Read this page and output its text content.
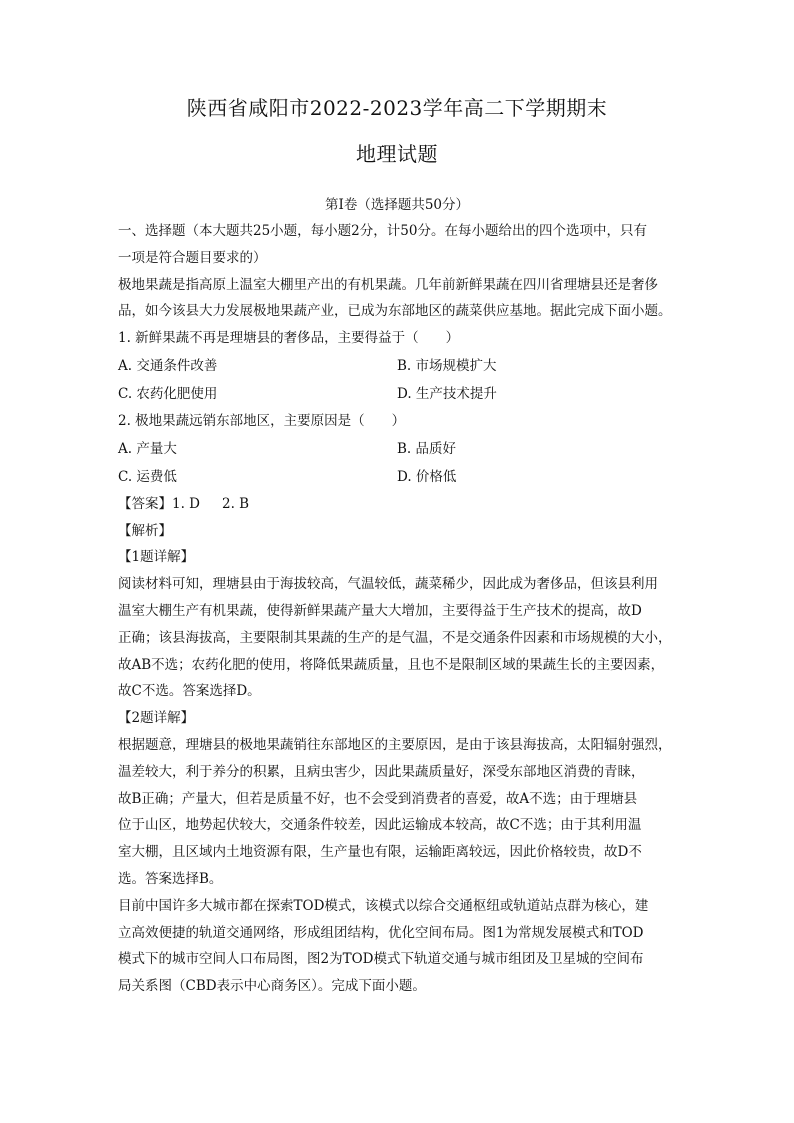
陕西省咸阳市2022-2023学年高二下学期期末
地理试题

第I卷（选择题共50分）

一、选择题（本大题共25小题，每小题2分，计50分。在每小题给出的四个选项中，只有

一项是符合题目要求的）

极地果蔬是指高原上温室大棚里产出的有机果蔬。几年前新鲜果蔬在四川省理塘县还是奢侈

品，如今该县大力发展极地果蔬产业，已成为东部地区的蔬菜供应基地。据此完成下面小题。

1. 新鲜果蔬不再是理塘县的奢侈品，主要得益于（　　）

A. 交通条件改善	B. 市场规模扩大
C. 农药化肥使用	D. 生产技术提升

2. 极地果蔬远销东部地区，主要原因是（　　）

A. 产量大	B. 品质好
C. 运费低	D. 价格低

【答案】1. D 2. B

【解析】

【1题详解】

阅读材料可知，理塘县由于海拔较高，气温较低，蔬菜稀少，因此成为奢侈品，但该县利用

温室大棚生产有机果蔬，使得新鲜果蔬产量大大增加，主要得益于生产技术的提高，故D

正确；该县海拔高，主要限制其果蔬的生产的是气温，不是交通条件因素和市场规模的大小，

故AB不选；农药化肥的使用，将降低果蔬质量，且也不是限制区域的果蔬生长的主要因素，

故C不选。答案选择D。

【2题详解】

根据题意，理塘县的极地果蔬销往东部地区的主要原因，是由于该县海拔高，太阳辐射强烈，

温差较大，利于养分的积累，且病虫害少，因此果蔬质量好，深受东部地区消费的青睐，

故B正确；产量大，但若是质量不好，也不会受到消费者的喜爱，故A不选；由于理塘县

位于山区，地势起伏较大，交通条件较差，因此运输成本较高，故C不选；由于其利用温

室大棚，且区域内土地资源有限，生产量也有限，运输距离较远，因此价格较贵，故D不

选。答案选择B。

目前中国许多大城市都在探索TOD模式，该模式以综合交通枢纽或轨道站点群为核心，建

立高效便捷的轨道交通网络，形成组团结构，优化空间布局。图1为常规发展模式和TOD

模式下的城市空间人口布局图，图2为TOD模式下轨道交通与城市组团及卫星城的空间布

局关系图（CBD表示中心商务区）。完成下面小题。
